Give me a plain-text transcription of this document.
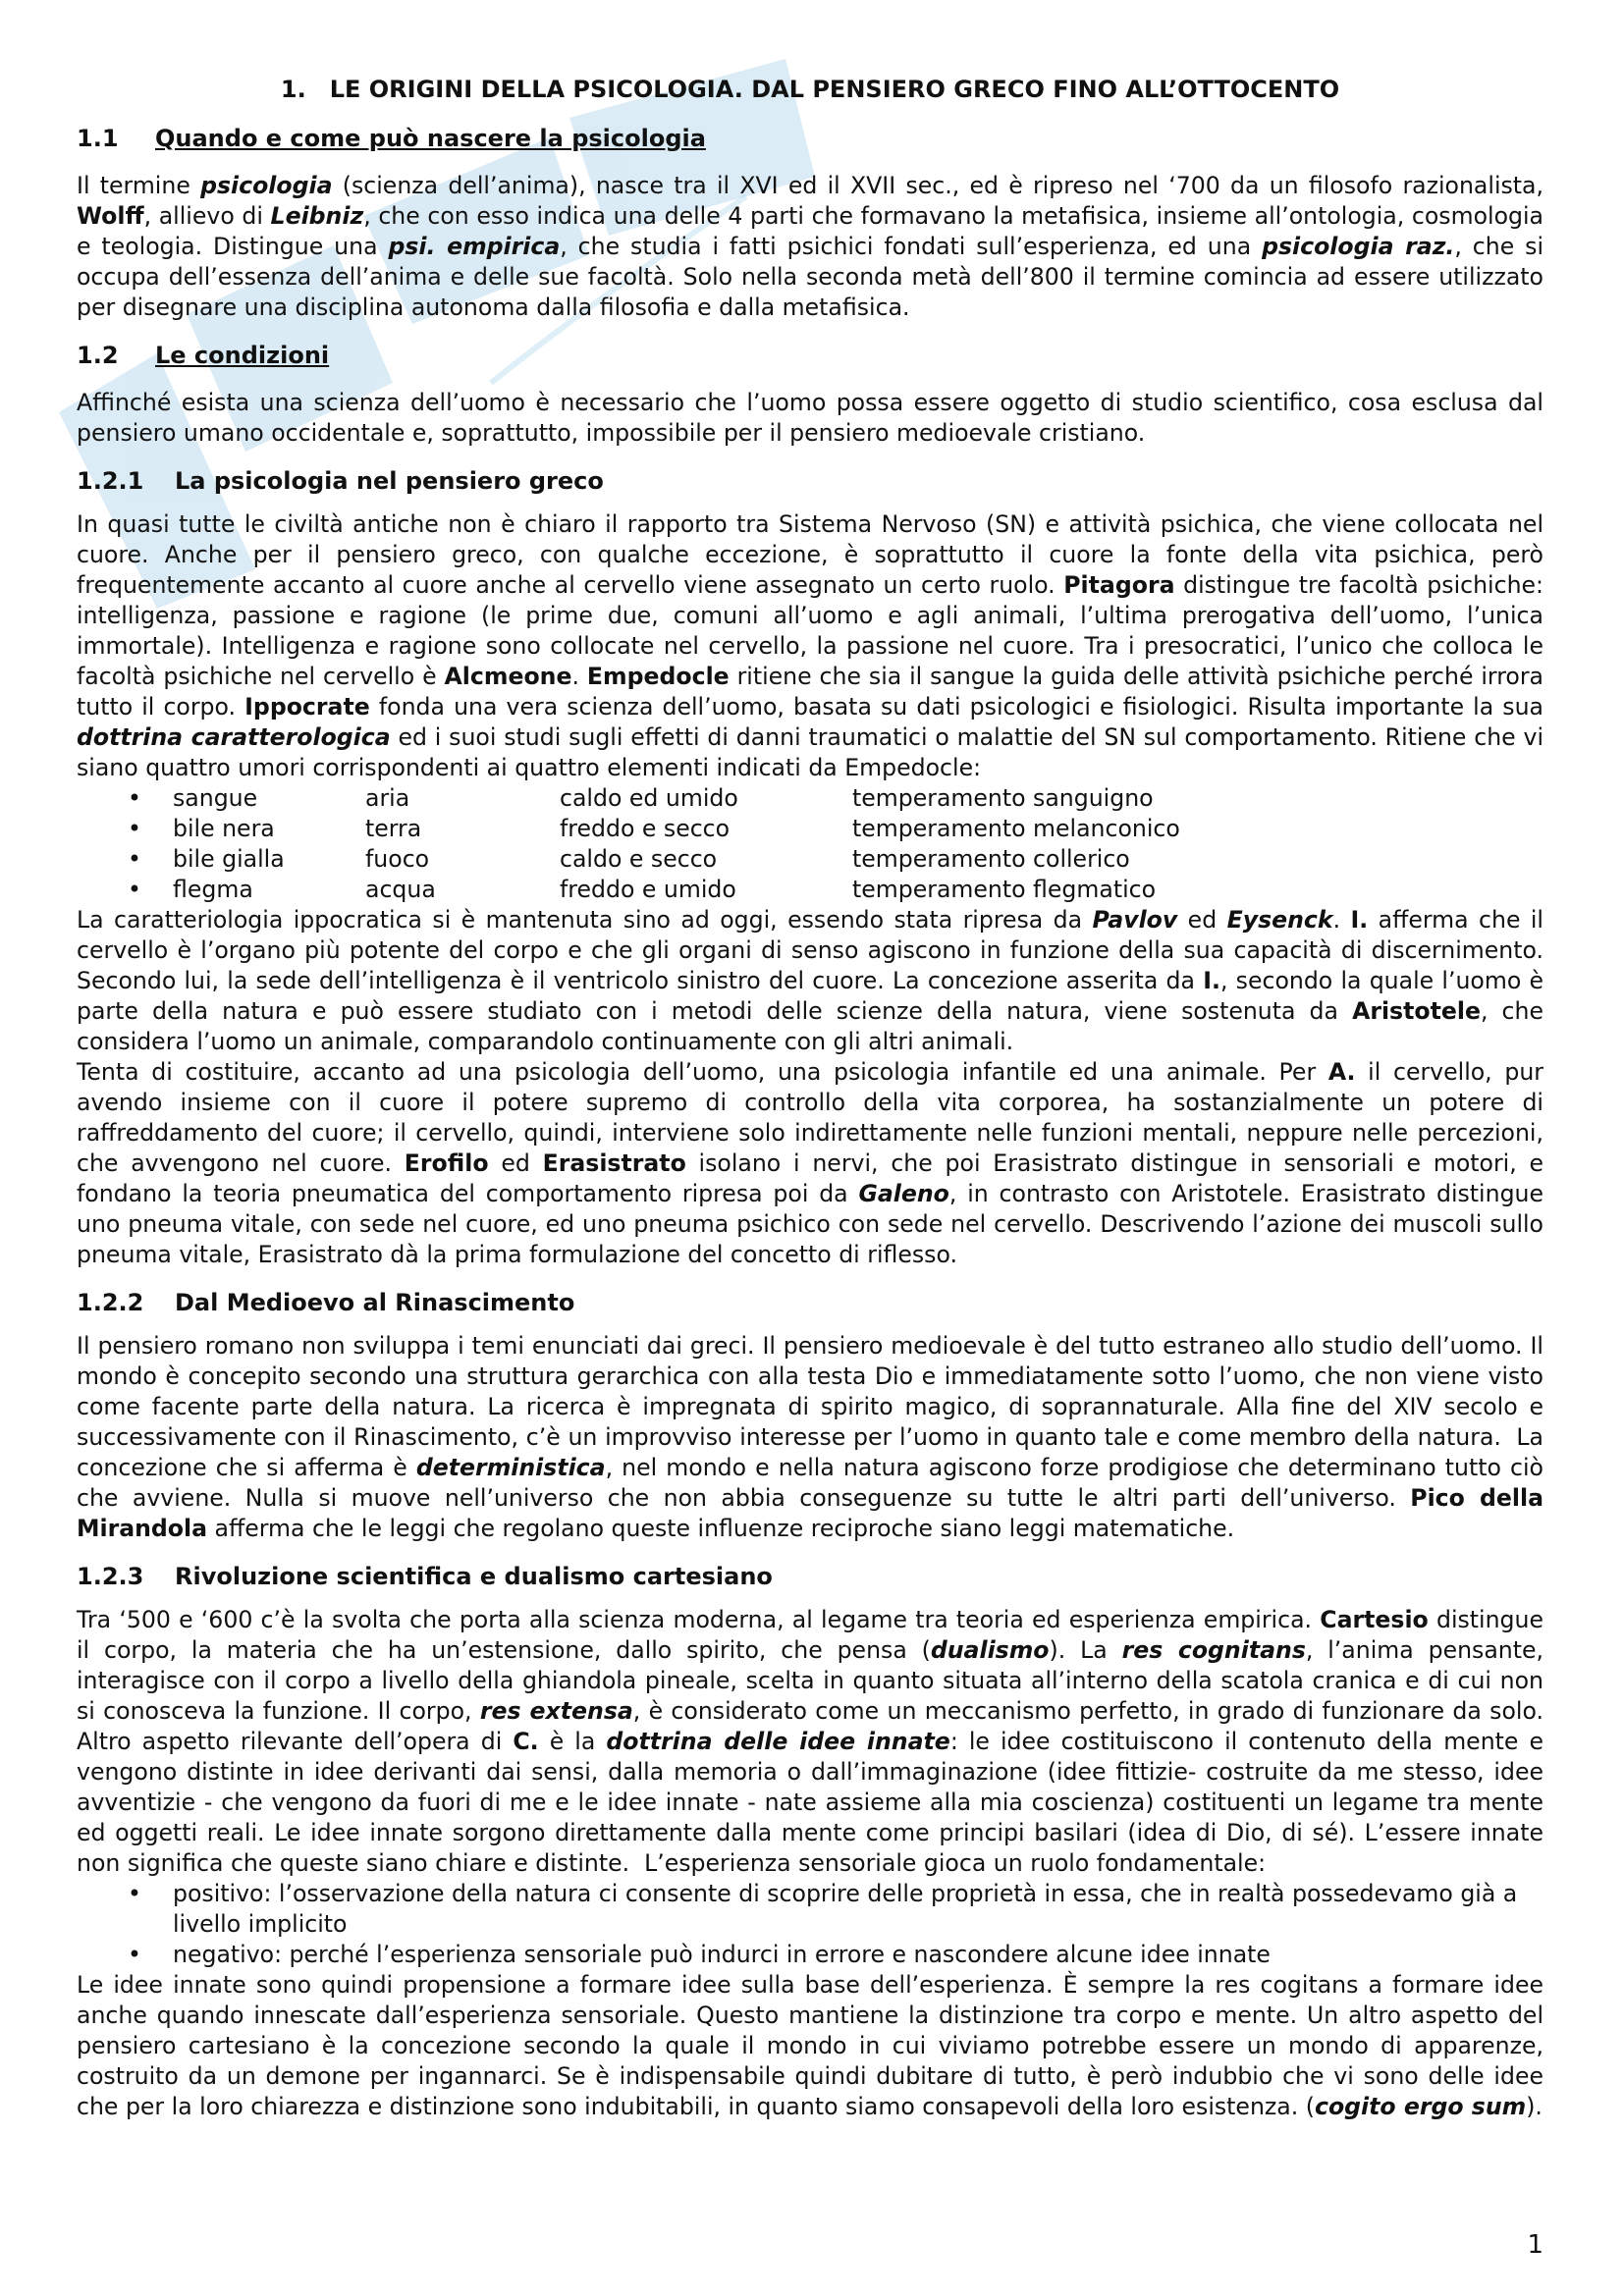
1. LE ORIGINI DELLA PSICOLOGIA. DAL PENSIERO GRECO FINO ALL’OTTOCENTO
1.1 Quando e come può nascere la psicologia

Il termine psicologia (scienza dell’anima), nasce tra il XVI ed il XVII sec., ed è ripreso nel ‘700 da un filosofo razionalista, Wolff, allievo di Leibniz, che con esso indica una delle 4 parti che formavano la metafisica, insieme all’ontologia, cosmologia e teologia. Distingue una psi. empirica, che studia i fatti psichici fondati sull’esperienza, ed una psicologia raz., che si occupa dell’essenza dell’anima e delle sue facoltà. Solo nella seconda metà dell’800 il termine comincia ad essere utilizzato per disegnare una disciplina autonoma dalla filosofia e dalla metafisica.

1.2 Le condizioni

Affinché esista una scienza dell’uomo è necessario che l’uomo possa essere oggetto di studio scientifico, cosa esclusa dal pensiero umano occidentale e, soprattutto, impossibile per il pensiero medioevale cristiano.

1.2.1 La psicologia nel pensiero greco

In quasi tutte le civiltà antiche non è chiaro il rapporto tra Sistema Nervoso (SN) e attività psichica, che viene collocata nel cuore. Anche per il pensiero greco, con qualche eccezione, è soprattutto il cuore la fonte della vita psichica, però frequentemente accanto al cuore anche al cervello viene assegnato un certo ruolo. Pitagora distingue tre facoltà psichiche: intelligenza, passione e ragione (le prime due, comuni all’uomo e agli animali, l’ultima prerogativa dell’uomo, l’unica immortale). Intelligenza e ragione sono collocate nel cervello, la passione nel cuore. Tra i presocratici, l’unico che colloca le facoltà psichiche nel cervello è Alcmeone. Empedocle ritiene che sia il sangue la guida delle attività psichiche perché irrora tutto il corpo. Ippocrate fonda una vera scienza dell’uomo, basata su dati psicologici e fisiologici. Risulta importante la sua dottrina caratterologica ed i suoi studi sugli effetti di danni traumatici o malattie del SN sul comportamento. Ritiene che vi siano quattro umori corrispondenti ai quattro elementi indicati da Empedocle:

• sangue	aria	caldo ed umido	temperamento sanguigno
• bile nera	terra	freddo e secco	temperamento melanconico
• bile gialla	fuoco	caldo e secco	temperamento collerico
• flegma	acqua	freddo e umido	temperamento flegmatico

La caratteriologia ippocratica si è mantenuta sino ad oggi, essendo stata ripresa da Pavlov ed Eysenck. I. afferma che il cervello è l’organo più potente del corpo e che gli organi di senso agiscono in funzione della sua capacità di discernimento. Secondo lui, la sede dell’intelligenza è il ventricolo sinistro del cuore. La concezione asserita da I., secondo la quale l’uomo è parte della natura e può essere studiato con i metodi delle scienze della natura, viene sostenuta da Aristotele, che considera l’uomo un animale, comparandolo continuamente con gli altri animali.

Tenta di costituire, accanto ad una psicologia dell’uomo, una psicologia infantile ed una animale. Per A. il cervello, pur avendo insieme con il cuore il potere supremo di controllo della vita corporea, ha sostanzialmente un potere di raffreddamento del cuore; il cervello, quindi, interviene solo indirettamente nelle funzioni mentali, neppure nelle percezioni, che avvengono nel cuore. Erofilo ed Erasistrato isolano i nervi, che poi Erasistrato distingue in sensoriali e motori, e fondano la teoria pneumatica del comportamento ripresa poi da Galeno, in contrasto con Aristotele. Erasistrato distingue uno pneuma vitale, con sede nel cuore, ed uno pneuma psichico con sede nel cervello. Descrivendo l’azione dei muscoli sullo pneuma vitale, Erasistrato dà la prima formulazione del concetto di riflesso.

1.2.2 Dal Medioevo al Rinascimento

Il pensiero romano non sviluppa i temi enunciati dai greci. Il pensiero medioevale è del tutto estraneo allo studio dell’uomo. Il mondo è concepito secondo una struttura gerarchica con alla testa Dio e immediatamente sotto l’uomo, che non viene visto come facente parte della natura. La ricerca è impregnata di spirito magico, di soprannaturale. Alla fine del XIV secolo e successivamente con il Rinascimento, c’è un improvviso interesse per l’uomo in quanto tale e come membro della natura.  La concezione che si afferma è deterministica, nel mondo e nella natura agiscono forze prodigiose che determinano tutto ciò che avviene. Nulla si muove nell’universo che non abbia conseguenze su tutte le altri parti dell’universo. Pico della Mirandola afferma che le leggi che regolano queste influenze reciproche siano leggi matematiche.

1.2.3 Rivoluzione scientifica e dualismo cartesiano

Tra ‘500 e ‘600 c’è la svolta che porta alla scienza moderna, al legame tra teoria ed esperienza empirica. Cartesio distingue il corpo, la materia che ha un’estensione, dallo spirito, che pensa (dualismo). La res cognitans, l’anima pensante, interagisce con il corpo a livello della ghiandola pineale, scelta in quanto situata all’interno della scatola cranica e di cui non si conosceva la funzione. Il corpo, res extensa, è considerato come un meccanismo perfetto, in grado di funzionare da solo. Altro aspetto rilevante dell’opera di C. è la dottrina delle idee innate: le idee costituiscono il contenuto della mente e vengono distinte in idee derivanti dai sensi, dalla memoria o dall’immaginazione (idee fittizie- costruite da me stesso, idee avventizie - che vengono da fuori di me e le idee innate - nate assieme alla mia coscienza) costituenti un legame tra mente ed oggetti reali. Le idee innate sorgono direttamente dalla mente come principi basilari (idea di Dio, di sé). L’essere innate non significa che queste siano chiare e distinte.  L’esperienza sensoriale gioca un ruolo fondamentale:

• positivo: l’osservazione della natura ci consente di scoprire delle proprietà in essa, che in realtà possedevamo già a livello implicito
• negativo: perché l’esperienza sensoriale può indurci in errore e nascondere alcune idee innate

Le idee innate sono quindi propensione a formare idee sulla base dell’esperienza. È sempre la res cogitans a formare idee anche quando innescate dall’esperienza sensoriale. Questo mantiene la distinzione tra corpo e mente. Un altro aspetto del pensiero cartesiano è la concezione secondo la quale il mondo in cui viviamo potrebbe essere un mondo di apparenze, costruito da un demone per ingannarci. Se è indispensabile quindi dubitare di tutto, è però indubbio che vi sono delle idee che per la loro chiarezza e distinzione sono indubitabili, in quanto siamo consapevoli della loro esistenza. (cogito ergo sum).

1
